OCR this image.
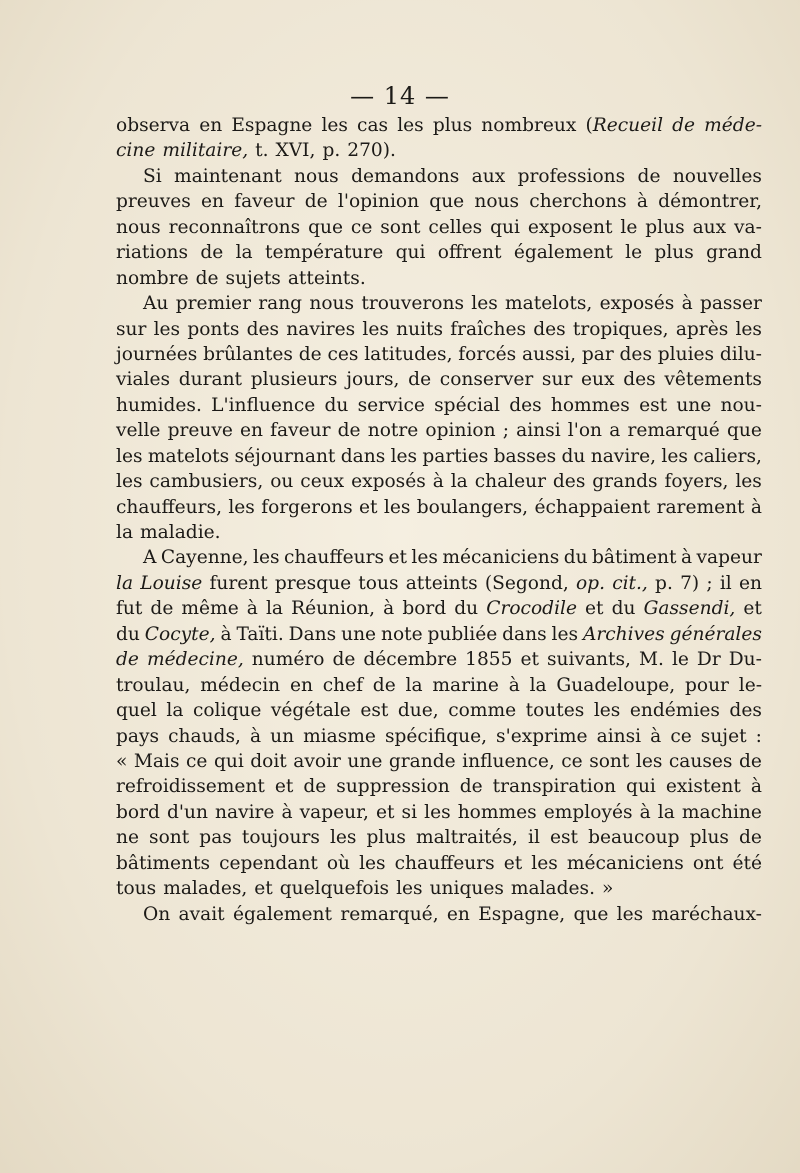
— 14 —
observa en Espagne les cas les plus nombreux (Recueil de méde-
cine militaire, t. XVI, p. 270).
Si maintenant nous demandons aux professions de nouvelles
preuves en faveur de l'opinion que nous cherchons à démontrer,
nous reconnaîtrons que ce sont celles qui exposent le plus aux va-
riations de la température qui offrent également le plus grand
nombre de sujets atteints.
Au premier rang nous trouverons les matelots, exposés à passer
sur les ponts des navires les nuits fraîches des tropiques, après les
journées brûlantes de ces latitudes, forcés aussi, par des pluies dilu-
viales durant plusieurs jours, de conserver sur eux des vêtements
humides. L'influence du service spécial des hommes est une nou-
velle preuve en faveur de notre opinion ; ainsi l'on a remarqué que
les matelots séjournant dans les parties basses du navire, les caliers,
les cambusiers, ou ceux exposés à la chaleur des grands foyers, les
chauffeurs, les forgerons et les boulangers, échappaient rarement à
la maladie.
A Cayenne, les chauffeurs et les mécaniciens du bâtiment à vapeur
la Louise furent presque tous atteints (Segond, op. cit., p. 7) ; il en
fut de même à la Réunion, à bord du Crocodile et du Gassendi, et
du Cocyte, à Taïti. Dans une note publiée dans les Archives générales
de médecine, numéro de décembre 1855 et suivants, M. le Dr Du-
troulau, médecin en chef de la marine à la Guadeloupe, pour le-
quel la colique végétale est due, comme toutes les endémies des
pays chauds, à un miasme spécifique, s'exprime ainsi à ce sujet :
« Mais ce qui doit avoir une grande influence, ce sont les causes de
refroidissement et de suppression de transpiration qui existent à
bord d'un navire à vapeur, et si les hommes employés à la machine
ne sont pas toujours les plus maltraités, il est beaucoup plus de
bâtiments cependant où les chauffeurs et les mécaniciens ont été
tous malades, et quelquefois les uniques malades. »
On avait également remarqué, en Espagne, que les maréchaux-
